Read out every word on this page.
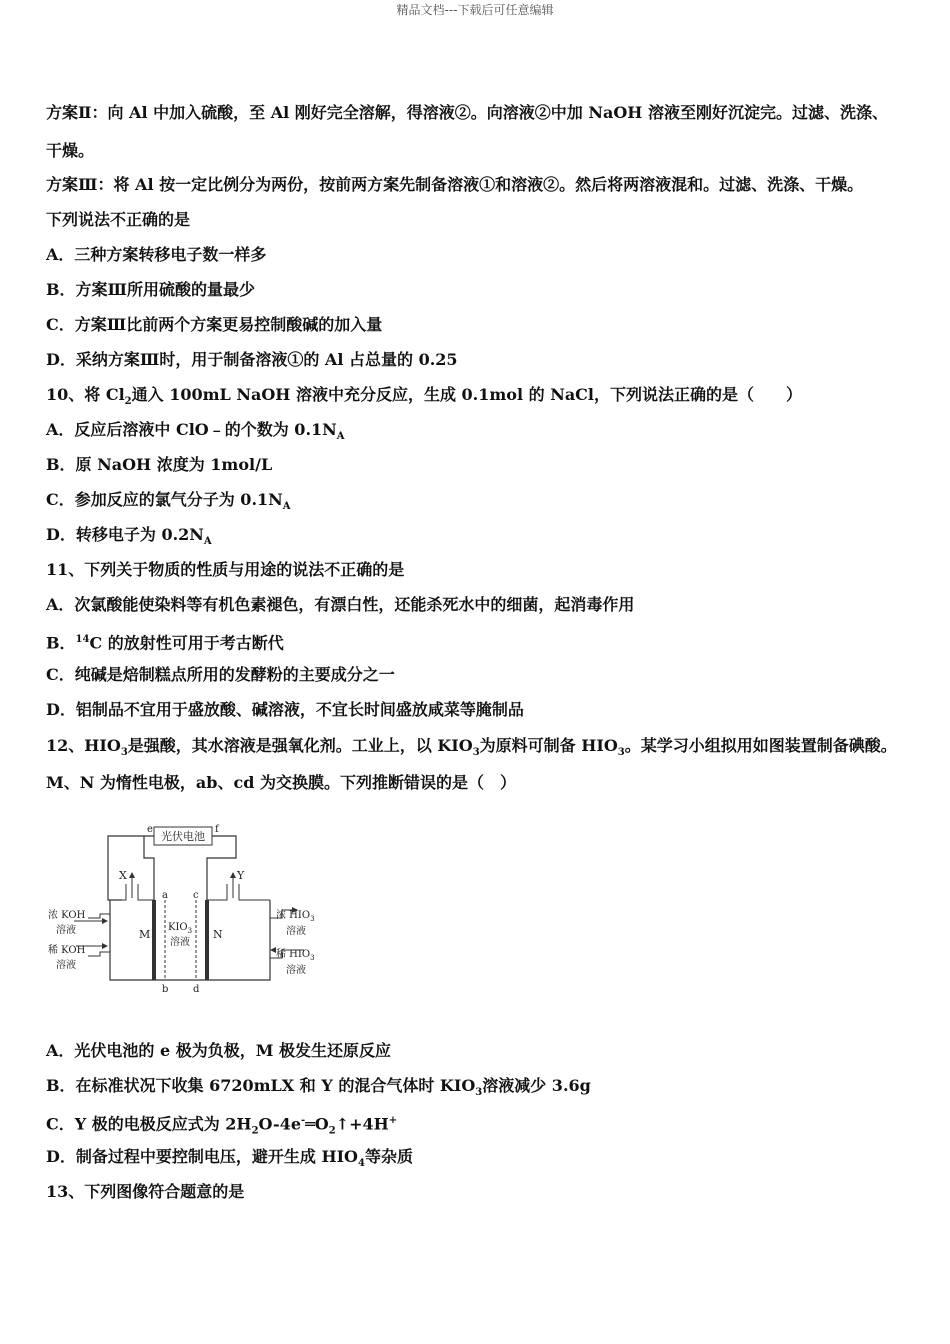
精品文档---下载后可任意编辑
方案Ⅱ：向 Al 中加入硫酸，至 Al 刚好完全溶解，得溶液②。向溶液②中加 NaOH 溶液至刚好沉淀完。过滤、洗涤、
干燥。
方案Ⅲ：将 Al 按一定比例分为两份，按前两方案先制备溶液①和溶液②。然后将两溶液混和。过滤、洗涤、干燥。
下列说法不正确的是
A．三种方案转移电子数一样多
B．方案Ⅲ所用硫酸的量最少
C．方案Ⅲ比前两个方案更易控制酸碱的加入量
D．采纳方案Ⅲ时，用于制备溶液①的 Al 占总量的 0.25
10、将 $Cl_2$通入 100mL NaOH 溶液中充分反应，生成 0.1mol 的 NaCl，下列说法正确的是（　　）
A．反应后溶液中 ClO﹣的个数为 $0.1N_A$
B．原 NaOH 浓度为 1mol/L
C．参加反应的氯气分子为 $0.1N_A$
D．转移电子为 $0.2N_A$
11、下列关于物质的性质与用途的说法不正确的是
A．次氯酸能使染料等有机色素褪色，有漂白性，还能杀死水中的细菌，起消毒作用
B．$^{14}$C 的放射性可用于考古断代
C．纯碱是焙制糕点所用的发酵粉的主要成分之一
D．铝制品不宜用于盛放酸、碱溶液，不宜长时间盛放咸菜等腌制品
12、$HIO_3$是强酸，其水溶液是强氧化剂。工业上，以 $KIO_3$为原料可制备 $HIO_3$。某学习小组拟用如图装置制备碘酸。
M、N 为惰性电极，ab、cd 为交换膜。下列推断错误的是（　）
光伏电池
e	f
X	Y
a
b
c
d
M	N
$KIO_3$
溶液
浓 KOH
溶液
稀 KOH
溶液
浓 $HIO_3$
溶液
稀 $HIO_3$
溶液
A．光伏电池的 e 极为负极，M 极发生还原反应
B．在标准状况下收集 6720mLX 和 Y 的混合气体时 $KIO_3$溶液减少 3.6g
C．Y 极的电极反应式为 $2H_2O-4e^-═O_2↑+4H^+$
D．制备过程中要控制电压，避开生成 $HIO_4$等杂质
13、下列图像符合题意的是
